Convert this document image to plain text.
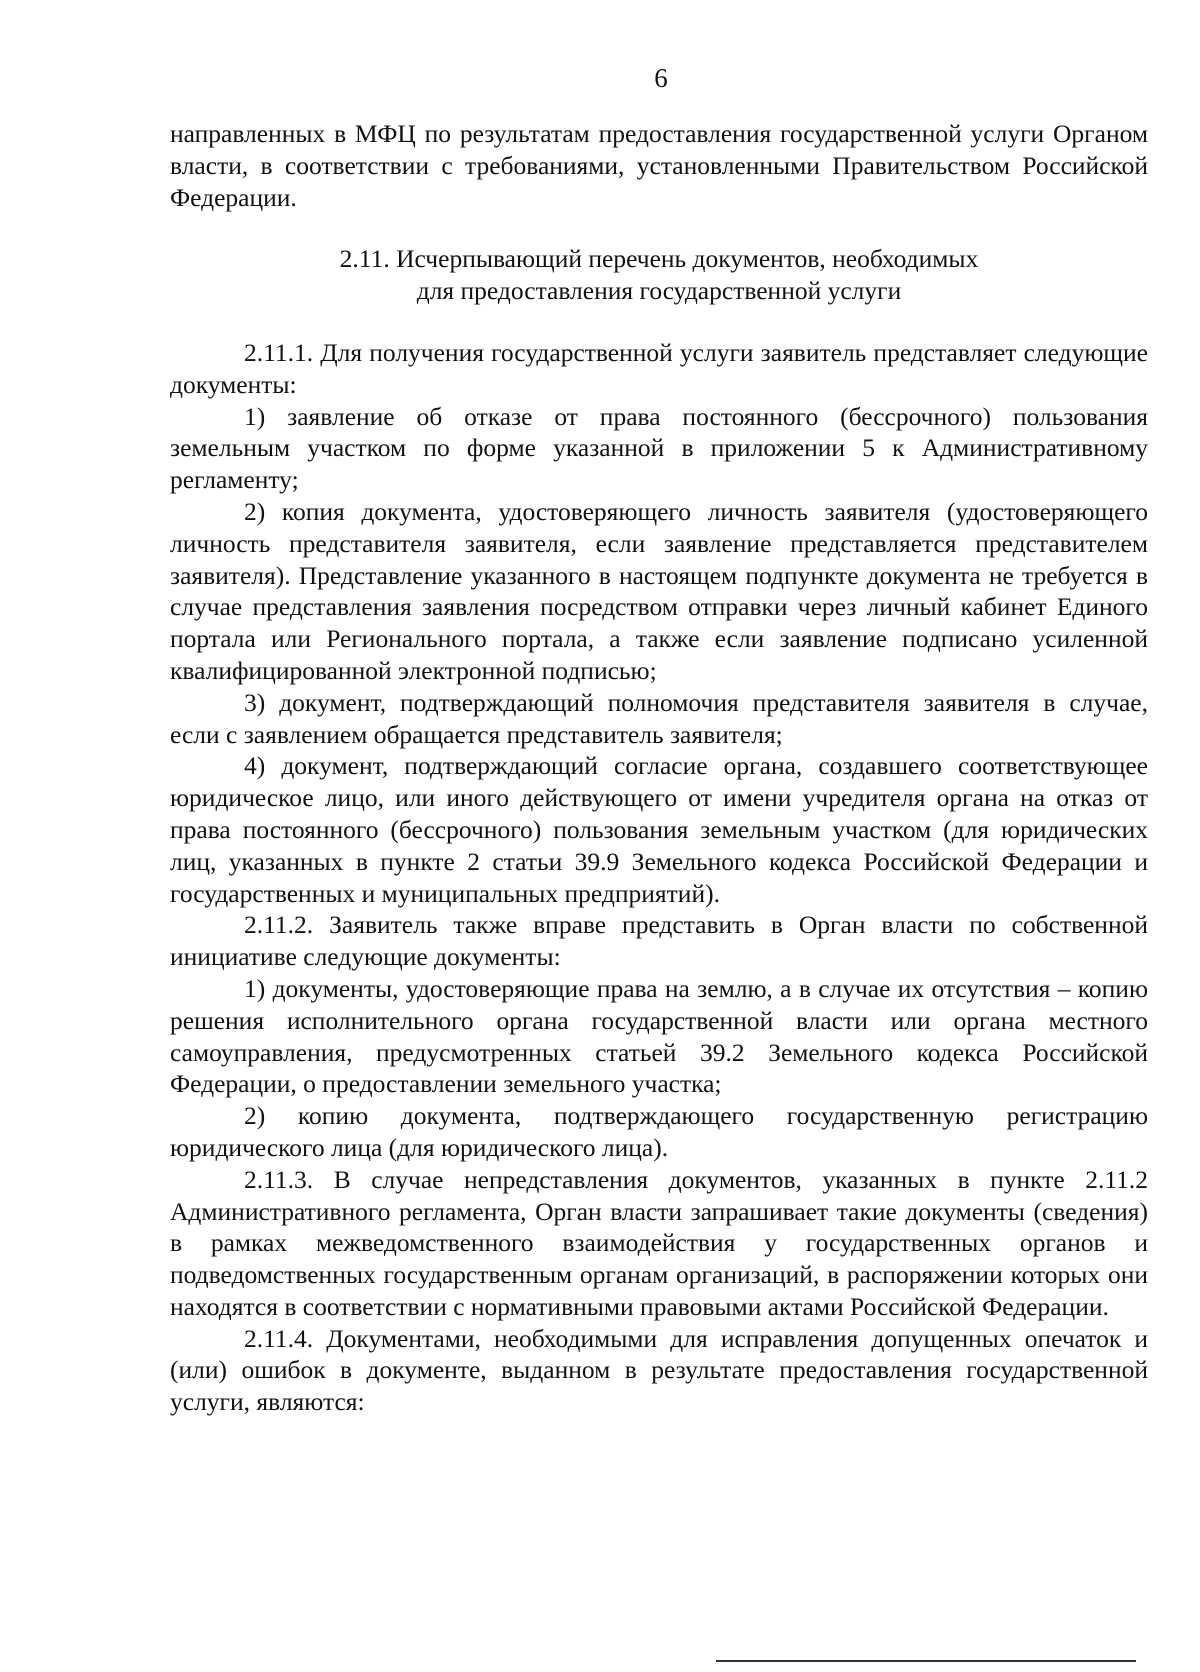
6

направленных в МФЦ по результатам предоставления государственной услуги Органом власти, в соответствии с требованиями, установленными Правительством Российской Федерации.

2.11. Исчерпывающий перечень документов, необходимых
для предоставления государственной услуги

2.11.1. Для получения государственной услуги заявитель представляет следующие документы:

1) заявление об отказе от права постоянного (бессрочного) пользования земельным участком по форме указанной в приложении 5 к Административному регламенту;

2) копия документа, удостоверяющего личность заявителя (удостоверяющего личность представителя заявителя, если заявление представляется представителем заявителя). Представление указанного в настоящем подпункте документа не требуется в случае представления заявления посредством отправки через личный кабинет Единого портала или Регионального портала, а также если заявление подписано усиленной квалифицированной электронной подписью;

3) документ, подтверждающий полномочия представителя заявителя в случае, если с заявлением обращается представитель заявителя;

4) документ, подтверждающий согласие органа, создавшего соответствующее юридическое лицо, или иного действующего от имени учредителя органа на отказ от права постоянного (бессрочного) пользования земельным участком (для юридических лиц, указанных в пункте 2 статьи 39.9 Земельного кодекса Российской Федерации и государственных и муниципальных предприятий).

2.11.2. Заявитель также вправе представить в Орган власти по собственной инициативе следующие документы:

1) документы, удостоверяющие права на землю, а в случае их отсутствия – копию решения исполнительного органа государственной власти или органа местного самоуправления, предусмотренных статьей 39.2 Земельного кодекса Российской Федерации, о предоставлении земельного участка;

2) копию документа, подтверждающего государственную регистрацию юридического лица (для юридического лица).

2.11.3. В случае непредставления документов, указанных в пункте 2.11.2 Административного регламента, Орган власти запрашивает такие документы (сведения) в рамках межведомственного взаимодействия у государственных органов и подведомственных государственным органам организаций, в распоряжении которых они находятся в соответствии с нормативными правовыми актами Российской Федерации.

2.11.4. Документами, необходимыми для исправления допущенных опечаток и (или) ошибок в документе, выданном в результате предоставления государственной услуги, являются:
